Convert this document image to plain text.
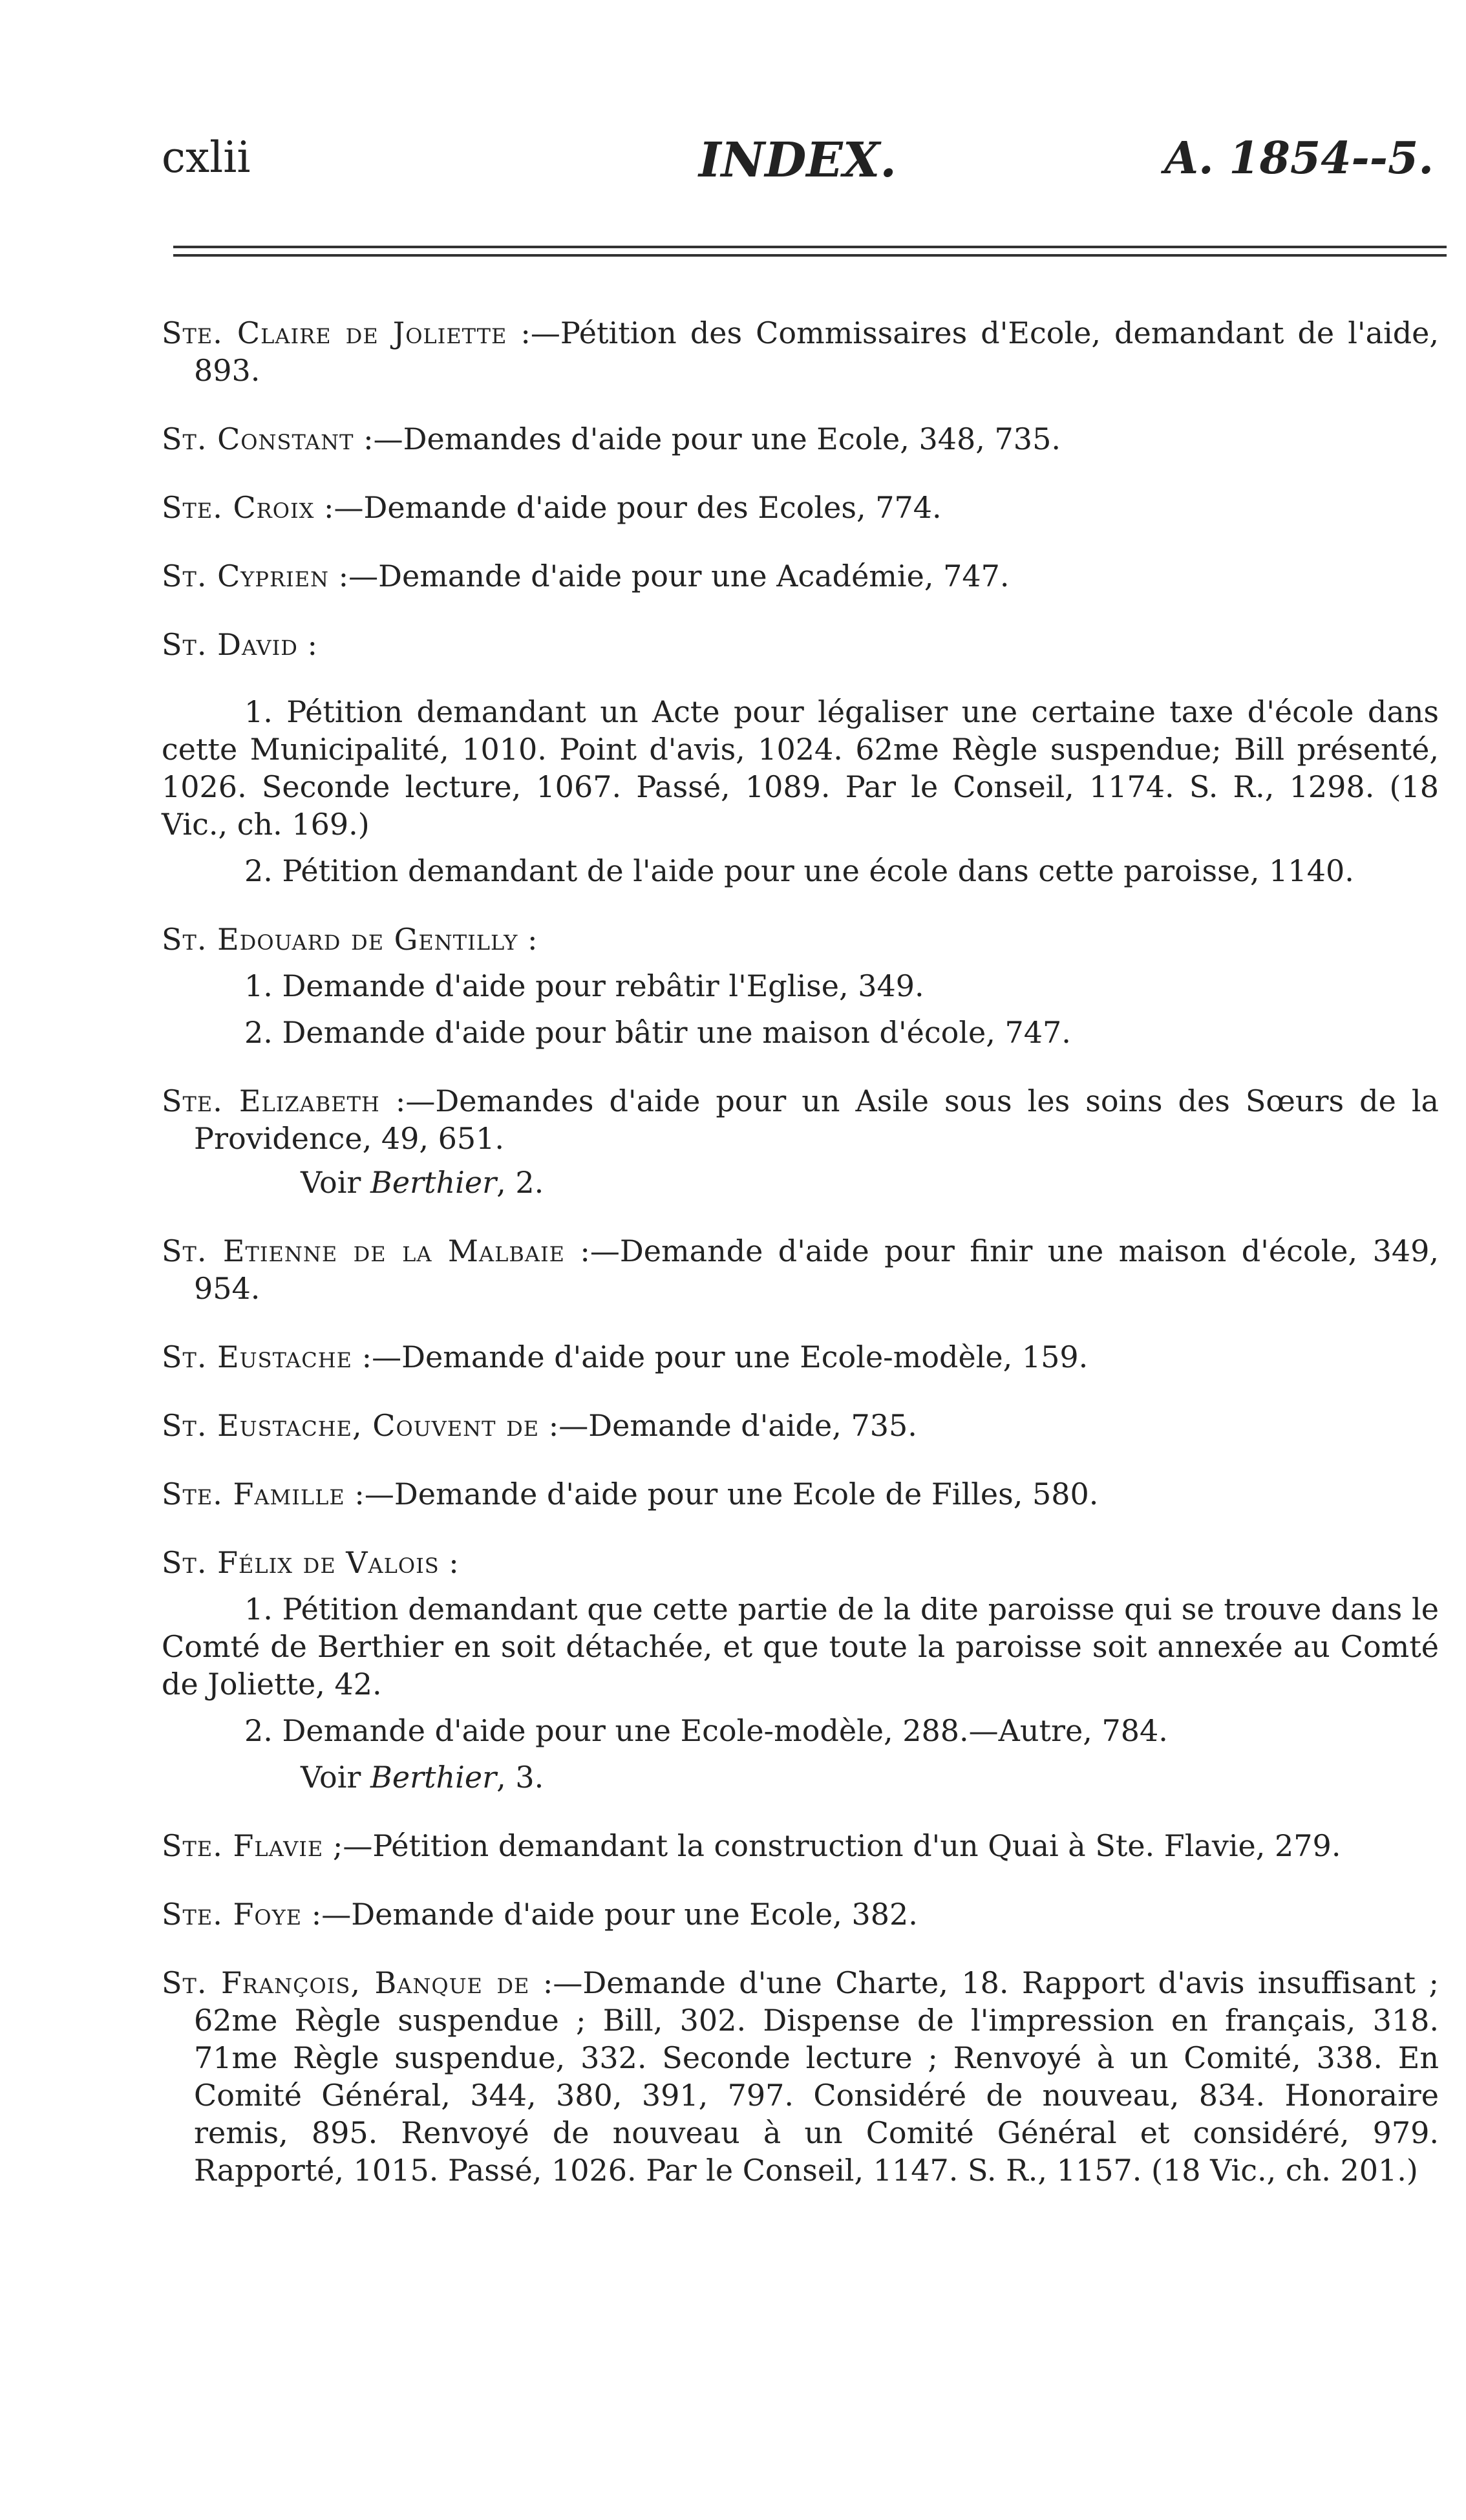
cxlii	INDEX.	A. 1854--5.

Ste. Claire de Joliette :—Pétition des Commissaires d'Ecole, demandant de l'aide, 893.

St. Constant :—Demandes d'aide pour une Ecole, 348, 735.

Ste. Croix :—Demande d'aide pour des Ecoles, 774.

St. Cyprien :—Demande d'aide pour une Académie, 747.

St. David :

1. Pétition demandant un Acte pour légaliser une certaine taxe d'école dans cette Municipalité, 1010. Point d'avis, 1024. 62me Règle suspendue; Bill présenté, 1026. Seconde lecture, 1067. Passé, 1089. Par le Conseil, 1174. S. R., 1298. (18 Vic., ch. 169.)

2. Pétition demandant de l'aide pour une école dans cette paroisse, 1140.

St. Edouard de Gentilly :

1. Demande d'aide pour rebâtir l'Eglise, 349.

2. Demande d'aide pour bâtir une maison d'école, 747.

Ste. Elizabeth :—Demandes d'aide pour un Asile sous les soins des Sœurs de la Providence, 49, 651.

Voir Berthier, 2.

St. Etienne de la Malbaie :—Demande d'aide pour finir une maison d'école, 349, 954.

St. Eustache :—Demande d'aide pour une Ecole-modèle, 159.

St. Eustache, Couvent de :—Demande d'aide, 735.

Ste. Famille :—Demande d'aide pour une Ecole de Filles, 580.

St. Félix de Valois :

1. Pétition demandant que cette partie de la dite paroisse qui se trouve dans le Comté de Berthier en soit détachée, et que toute la paroisse soit annexée au Comté de Joliette, 42.

2. Demande d'aide pour une Ecole-modèle, 288.—Autre, 784.

Voir Berthier, 3.

Ste. Flavie ;—Pétition demandant la construction d'un Quai à Ste. Flavie, 279.

Ste. Foye :—Demande d'aide pour une Ecole, 382.

St. François, Banque de :—Demande d'une Charte, 18. Rapport d'avis insuffisant ; 62me Règle suspendue ; Bill, 302. Dispense de l'impression en français, 318. 71me Règle suspendue, 332. Seconde lecture ; Renvoyé à un Comité, 338. En Comité Général, 344, 380, 391, 797. Considéré de nouveau, 834. Honoraire remis, 895. Renvoyé de nouveau à un Comité Général et considéré, 979. Rapporté, 1015. Passé, 1026. Par le Conseil, 1147. S. R., 1157. (18 Vic., ch. 201.)
